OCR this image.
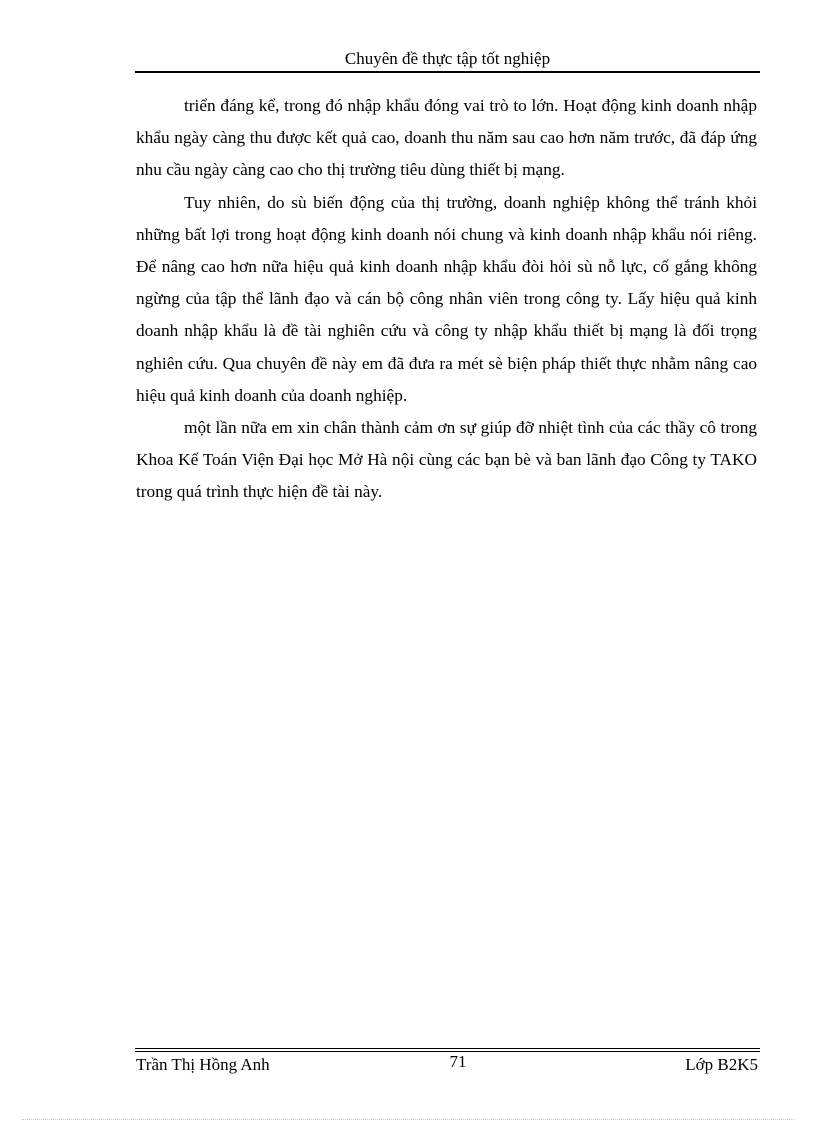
Chuyên đề thực tập tốt nghiệp

triển đáng kể, trong đó nhập khẩu đóng vai trò to lớn. Hoạt động kinh doanh nhập khẩu ngày càng thu được kết quả cao, doanh thu năm sau cao hơn năm trước, đã đáp ứng nhu cầu ngày càng cao cho thị trường tiêu dùng thiết bị mạng.

Tuy nhiên, do sù biến động của thị trường, doanh nghiệp không thể tránh khỏi những bất lợi trong hoạt động kinh doanh nói chung và kinh doanh nhập khẩu nói riêng. Để nâng cao hơn nữa hiệu quả kinh doanh nhập khẩu đòi hỏi sù nỗ lực, cố gắng không ngừng của tập thể lãnh đạo và cán bộ công nhân viên trong công ty. Lấy hiệu quả kinh doanh nhập khẩu là đề tài nghiên cứu và công ty nhập khẩu thiết bị mạng là đối trọng nghiên cứu. Qua chuyên đề này em đã đưa ra mét sè biện pháp thiết thực nhằm nâng cao hiệu quả kinh doanh của doanh nghiệp.

một lần nữa em xin chân thành cảm ơn sự giúp đỡ nhiệt tình của các thầy cô trong Khoa Kế Toán Viện Đại học Mở Hà nội cùng các bạn bè và ban lãnh đạo Công ty TAKO trong quá trình thực hiện đề tài này.

Trần Thị Hồng Anh	71	Lớp B2K5
